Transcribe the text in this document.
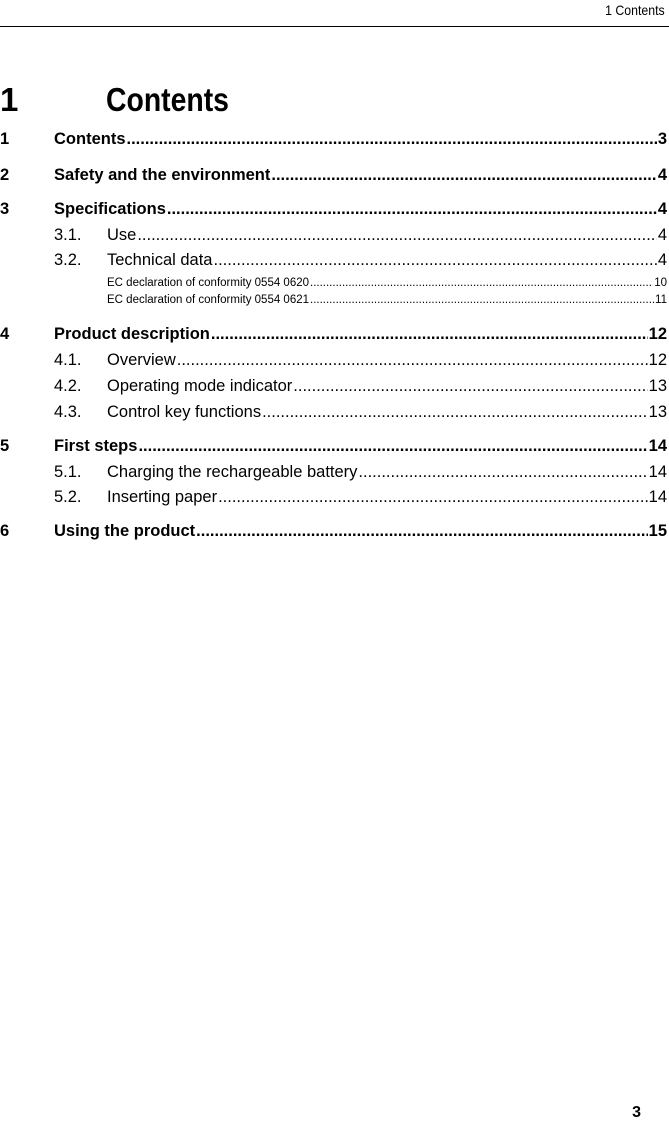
1 Contents
1	Contents
1	Contents .....	3
2	Safety and the environment .....	4
3	Specifications .....	4
3.1. Use .....	4
3.2. Technical data .....	4
EC declaration of conformity 0554 0620 .....	10
EC declaration of conformity 0554 0621 .....	11
4	Product description .....	12
4.1. Overview .....	12
4.2. Operating mode indicator .....	13
4.3. Control key functions .....	13
5	First steps .....	14
5.1. Charging the rechargeable battery .....	14
5.2. Inserting paper .....	14
6	Using the product .....	15
3
